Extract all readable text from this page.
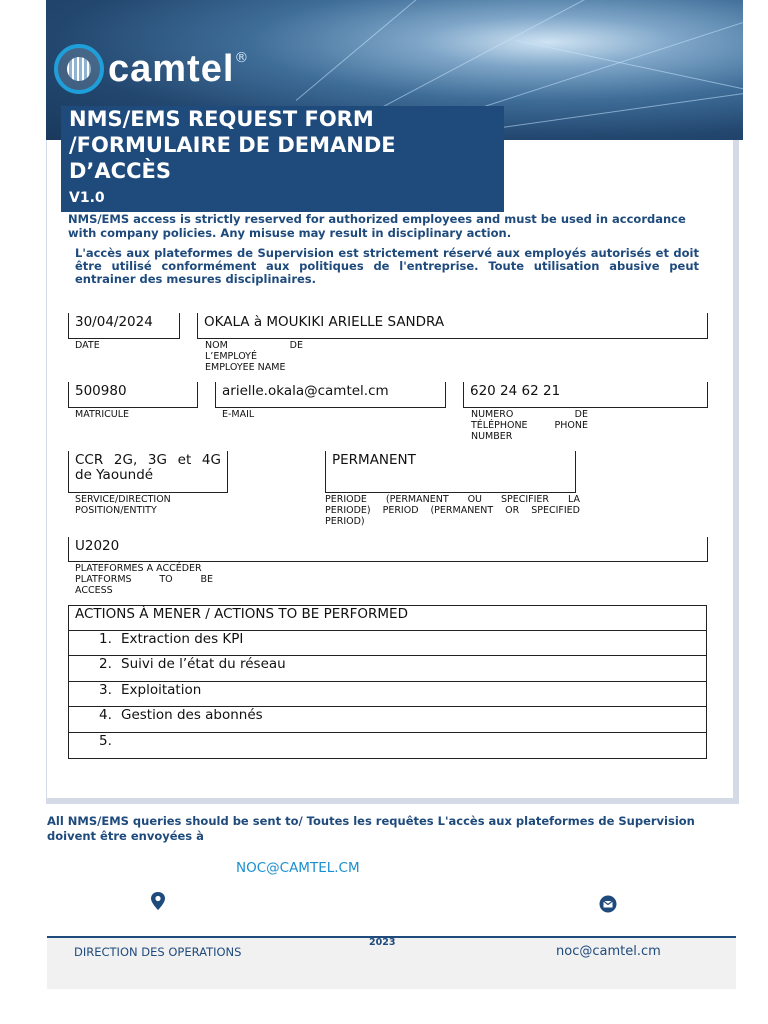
camtel ®
NMS/EMS REQUEST FORM /FORMULAIRE DE DEMANDE D’ACCÈS
V1.0
NMS/EMS access is strictly reserved for authorized employees and must be used in accordance with company policies. Any misuse may result in disciplinary action.
L'accès aux plateformes de Supervision est strictement réservé aux employés autorisés et doit être utilisé conformément aux politiques de l'entreprise. Toute utilisation abusive peut entrainer des mesures disciplinaires.
30/04/2024
DATE
OKALA à MOUKIKI ARIELLE SANDRA
NOM DE
L’EMPLOYÉ
EMPLOYEE NAME
500980
MATRICULE
arielle.okala@camtel.cm
E-MAIL
620 24 62 21
NUMERO DE
TÉLÉPHONE PHONE
NUMBER
CCR 2G, 3G et 4G
de Yaoundé
SERVICE/DIRECTION
POSITION/ENTITY
PERMANENT
PERIODE (PERMANENT OU SPECIFIER LA
PERIODE) PERIOD (PERMANENT OR SPECIFIED
PERIOD)
U2020
PLATEFORMES A ACCÉDER
PLATFORMS TO BE
ACCESS
ACTIONS À MENER / ACTIONS TO BE PERFORMED
1. Extraction des KPI
2. Suivi de l’état du réseau
3. Exploitation
4. Gestion des abonnés
5.
All NMS/EMS queries should be sent to/ Toutes les requêtes L'accès aux plateformes de Supervision doivent être envoyées à
NOC@CAMTEL.CM
2023
DIRECTION DES OPERATIONS	noc@camtel.cm
